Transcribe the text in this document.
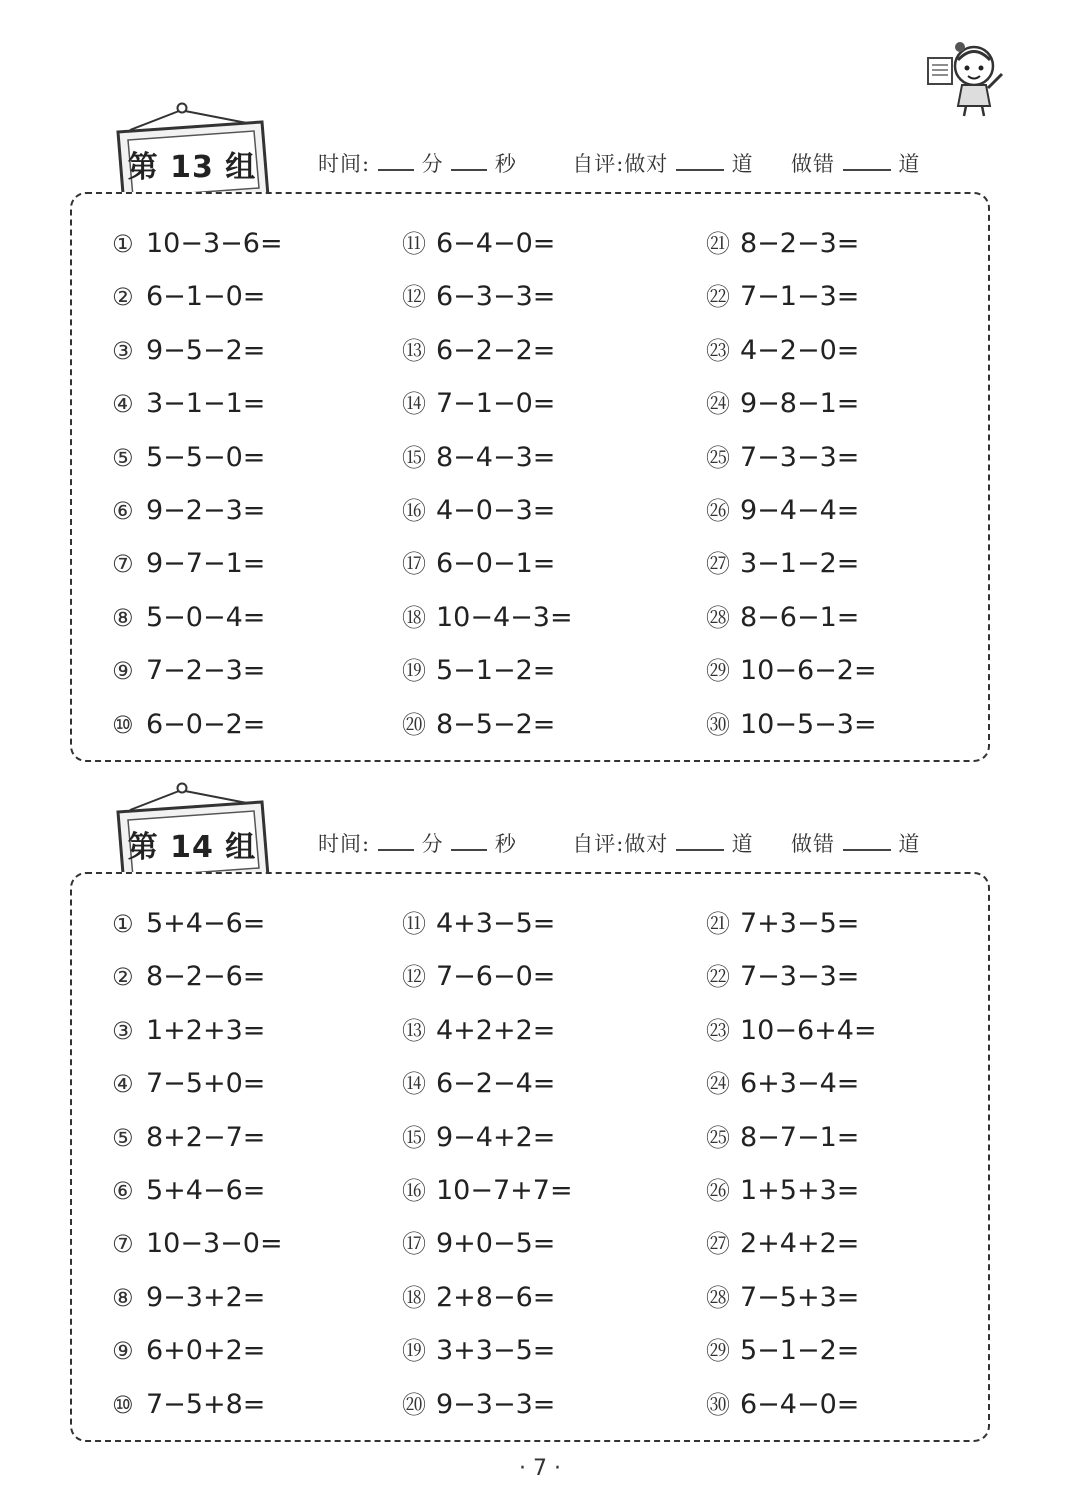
第 13 组	时间: 分 秒	自评:做对	道 做错	道
① 10−3−6=
② 6−1−0=
③ 9−5−2=
④ 3−1−1=
⑤ 5−5−0=
⑥ 9−2−3=
⑦ 9−7−1=
⑧ 5−0−4=
⑨ 7−2−3=
⑩ 6−0−2=
⑪ 6−4−0=
⑫ 6−3−3=
⑬ 6−2−2=
⑭ 7−1−0=
⑮ 8−4−3=
⑯ 4−0−3=
⑰ 6−0−1=
⑱ 10−4−3=
⑲ 5−1−2=
⑳ 8−5−2=
㉑ 8−2−3=
㉒ 7−1−3=
㉓ 4−2−0=
㉔ 9−8−1=
㉕ 7−3−3=
㉖ 9−4−4=
㉗ 3−1−2=
㉘ 8−6−1=
㉙ 10−6−2=
㉚ 10−5−3=
第 14 组	时间: 分 秒	自评:做对	道 做错	道
① 5+4−6=
② 8−2−6=
③ 1+2+3=
④ 7−5+0=
⑤ 8+2−7=
⑥ 5+4−6=
⑦ 10−3−0=
⑧ 9−3+2=
⑨ 6+0+2=
⑩ 7−5+8=
⑪ 4+3−5=
⑫ 7−6−0=
⑬ 4+2+2=
⑭ 6−2−4=
⑮ 9−4+2=
⑯ 10−7+7=
⑰ 9+0−5=
⑱ 2+8−6=
⑲ 3+3−5=
⑳ 9−3−3=
㉑ 7+3−5=
㉒ 7−3−3=
㉓ 10−6+4=
㉔ 6+3−4=
㉕ 8−7−1=
㉖ 1+5+3=
㉗ 2+4+2=
㉘ 7−5+3=
㉙ 5−1−2=
㉚ 6−4−0=
· 7 ·
